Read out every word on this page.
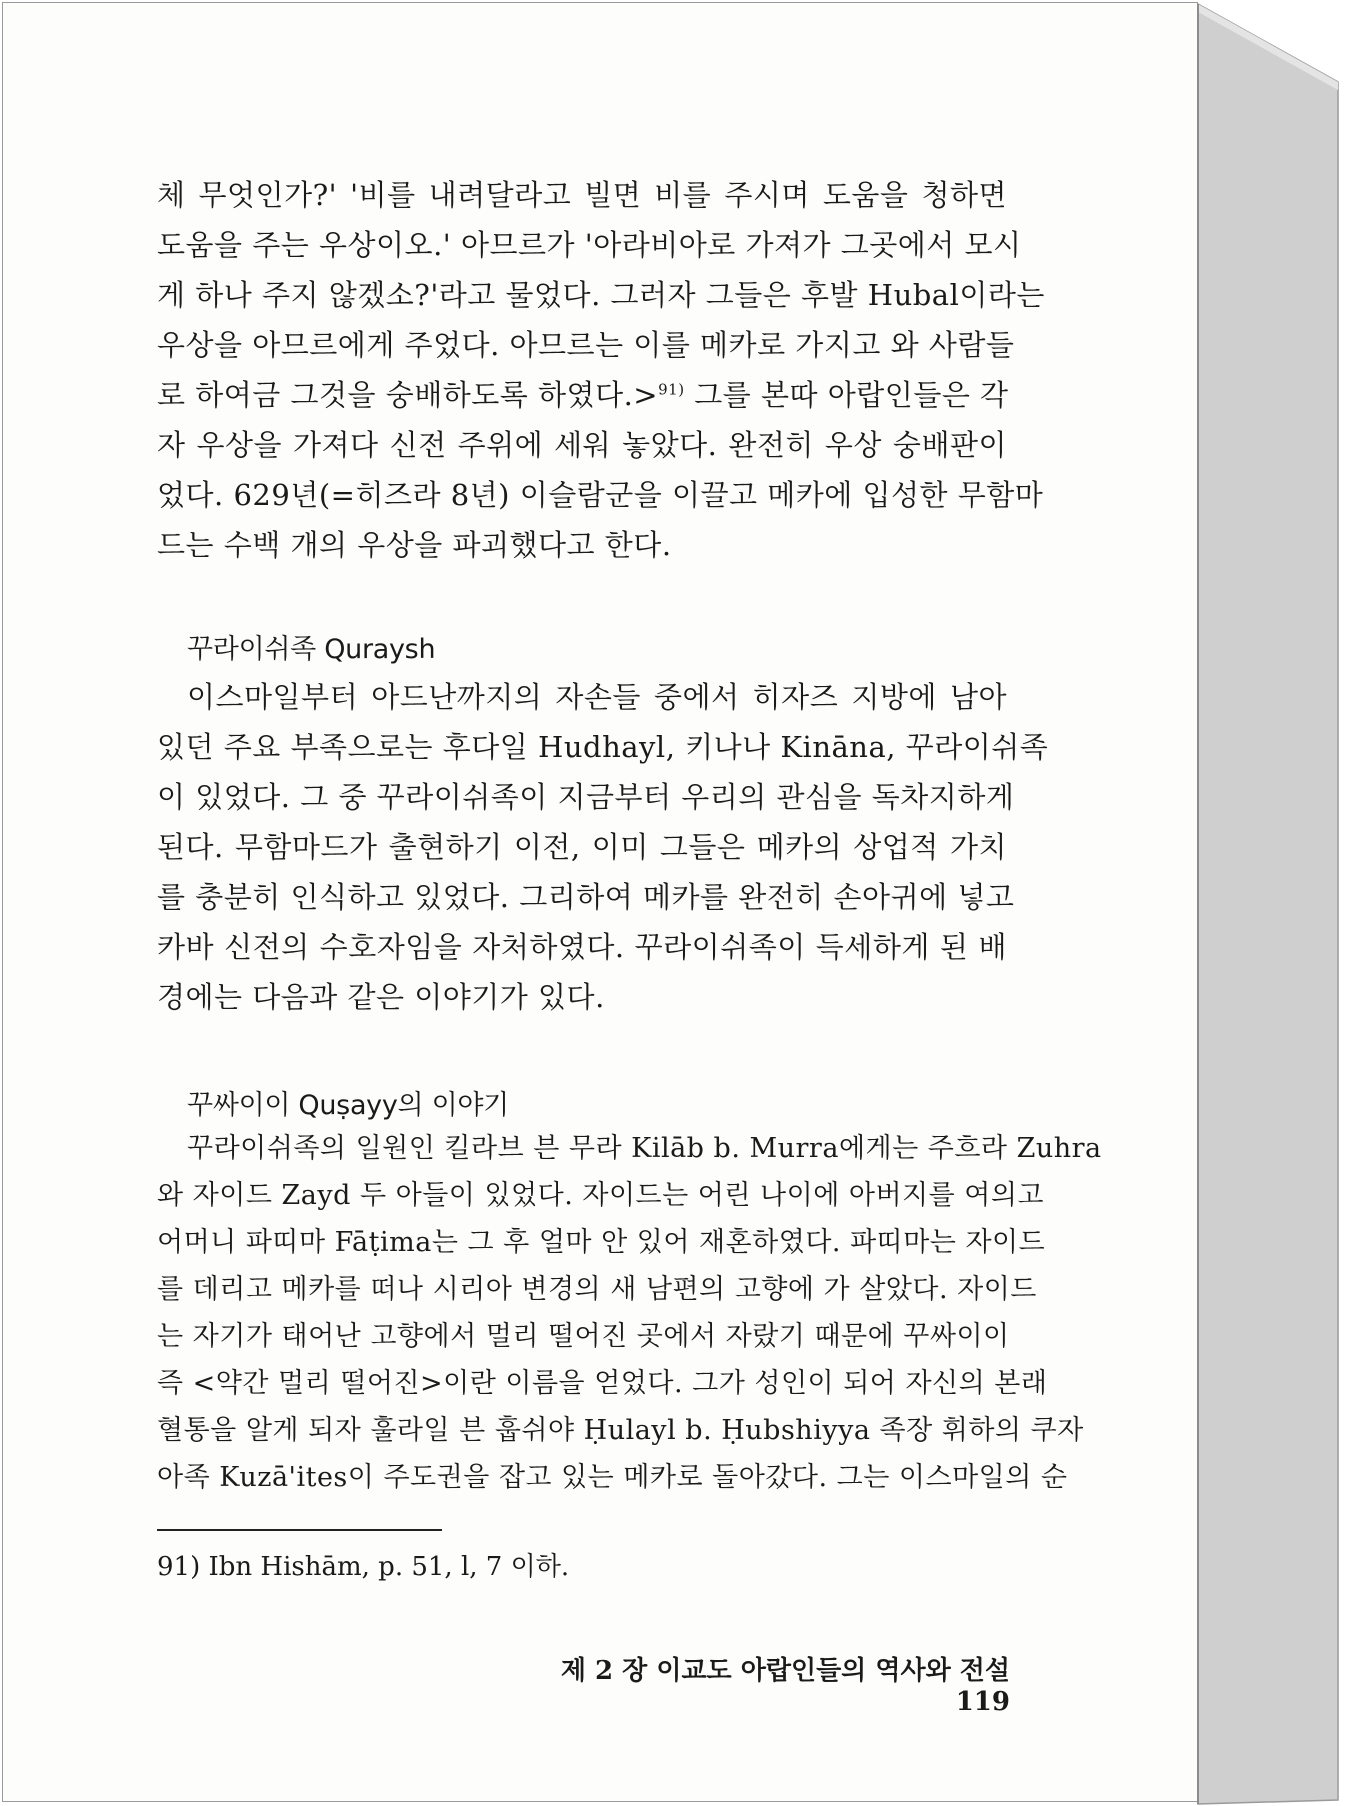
체 무엇인가?' '비를 내려달라고 빌면 비를 주시며 도움을 청하면
도움을 주는 우상이오.' 아므르가 '아라비아로 가져가 그곳에서 모시
게 하나 주지 않겠소?'라고 물었다. 그러자 그들은 후발 Hubal이라는
우상을 아므르에게 주었다. 아므르는 이를 메카로 가지고 와 사람들
로 하여금 그것을 숭배하도록 하였다.>$^{91)}$ 그를 본따 아랍인들은 각
자 우상을 가져다 신전 주위에 세워 놓았다. 완전히 우상 숭배판이
었다. 629년(=히즈라 8년) 이슬람군을 이끌고 메카에 입성한 무함마
드는 수백 개의 우상을 파괴했다고 한다.

꾸라이쉬족 Quraysh

이스마일부터 아드난까지의 자손들 중에서 히자즈 지방에 남아
있던 주요 부족으로는 후다일 Hudhayl, 키나나 Kināna, 꾸라이쉬족
이 있었다. 그 중 꾸라이쉬족이 지금부터 우리의 관심을 독차지하게
된다. 무함마드가 출현하기 이전, 이미 그들은 메카의 상업적 가치
를 충분히 인식하고 있었다. 그리하여 메카를 완전히 손아귀에 넣고
카바 신전의 수호자임을 자처하였다. 꾸라이쉬족이 득세하게 된 배
경에는 다음과 같은 이야기가 있다.

꾸싸이이 Quṣayy의 이야기

꾸라이쉬족의 일원인 킬라브 븐 무라 Kilāb b. Murra에게는 주흐라 Zuhra
와 자이드 Zayd 두 아들이 있었다. 자이드는 어린 나이에 아버지를 여의고
어머니 파띠마 Fāṭima는 그 후 얼마 안 있어 재혼하였다. 파띠마는 자이드
를 데리고 메카를 떠나 시리아 변경의 새 남편의 고향에 가 살았다. 자이드
는 자기가 태어난 고향에서 멀리 떨어진 곳에서 자랐기 때문에 꾸싸이이
즉 <약간 멀리 떨어진>이란 이름을 얻었다. 그가 성인이 되어 자신의 본래
혈통을 알게 되자 훌라일 븐 훕쉬야 Ḥulayl b. Ḥubshiyya 족장 휘하의 쿠자
아족 Kuzā'ites이 주도권을 잡고 있는 메카로 돌아갔다. 그는 이스마일의 순

91) Ibn Hishām, p. 51, l, 7 이하.
제 2 장 이교도 아랍인들의 역사와 전설 119
